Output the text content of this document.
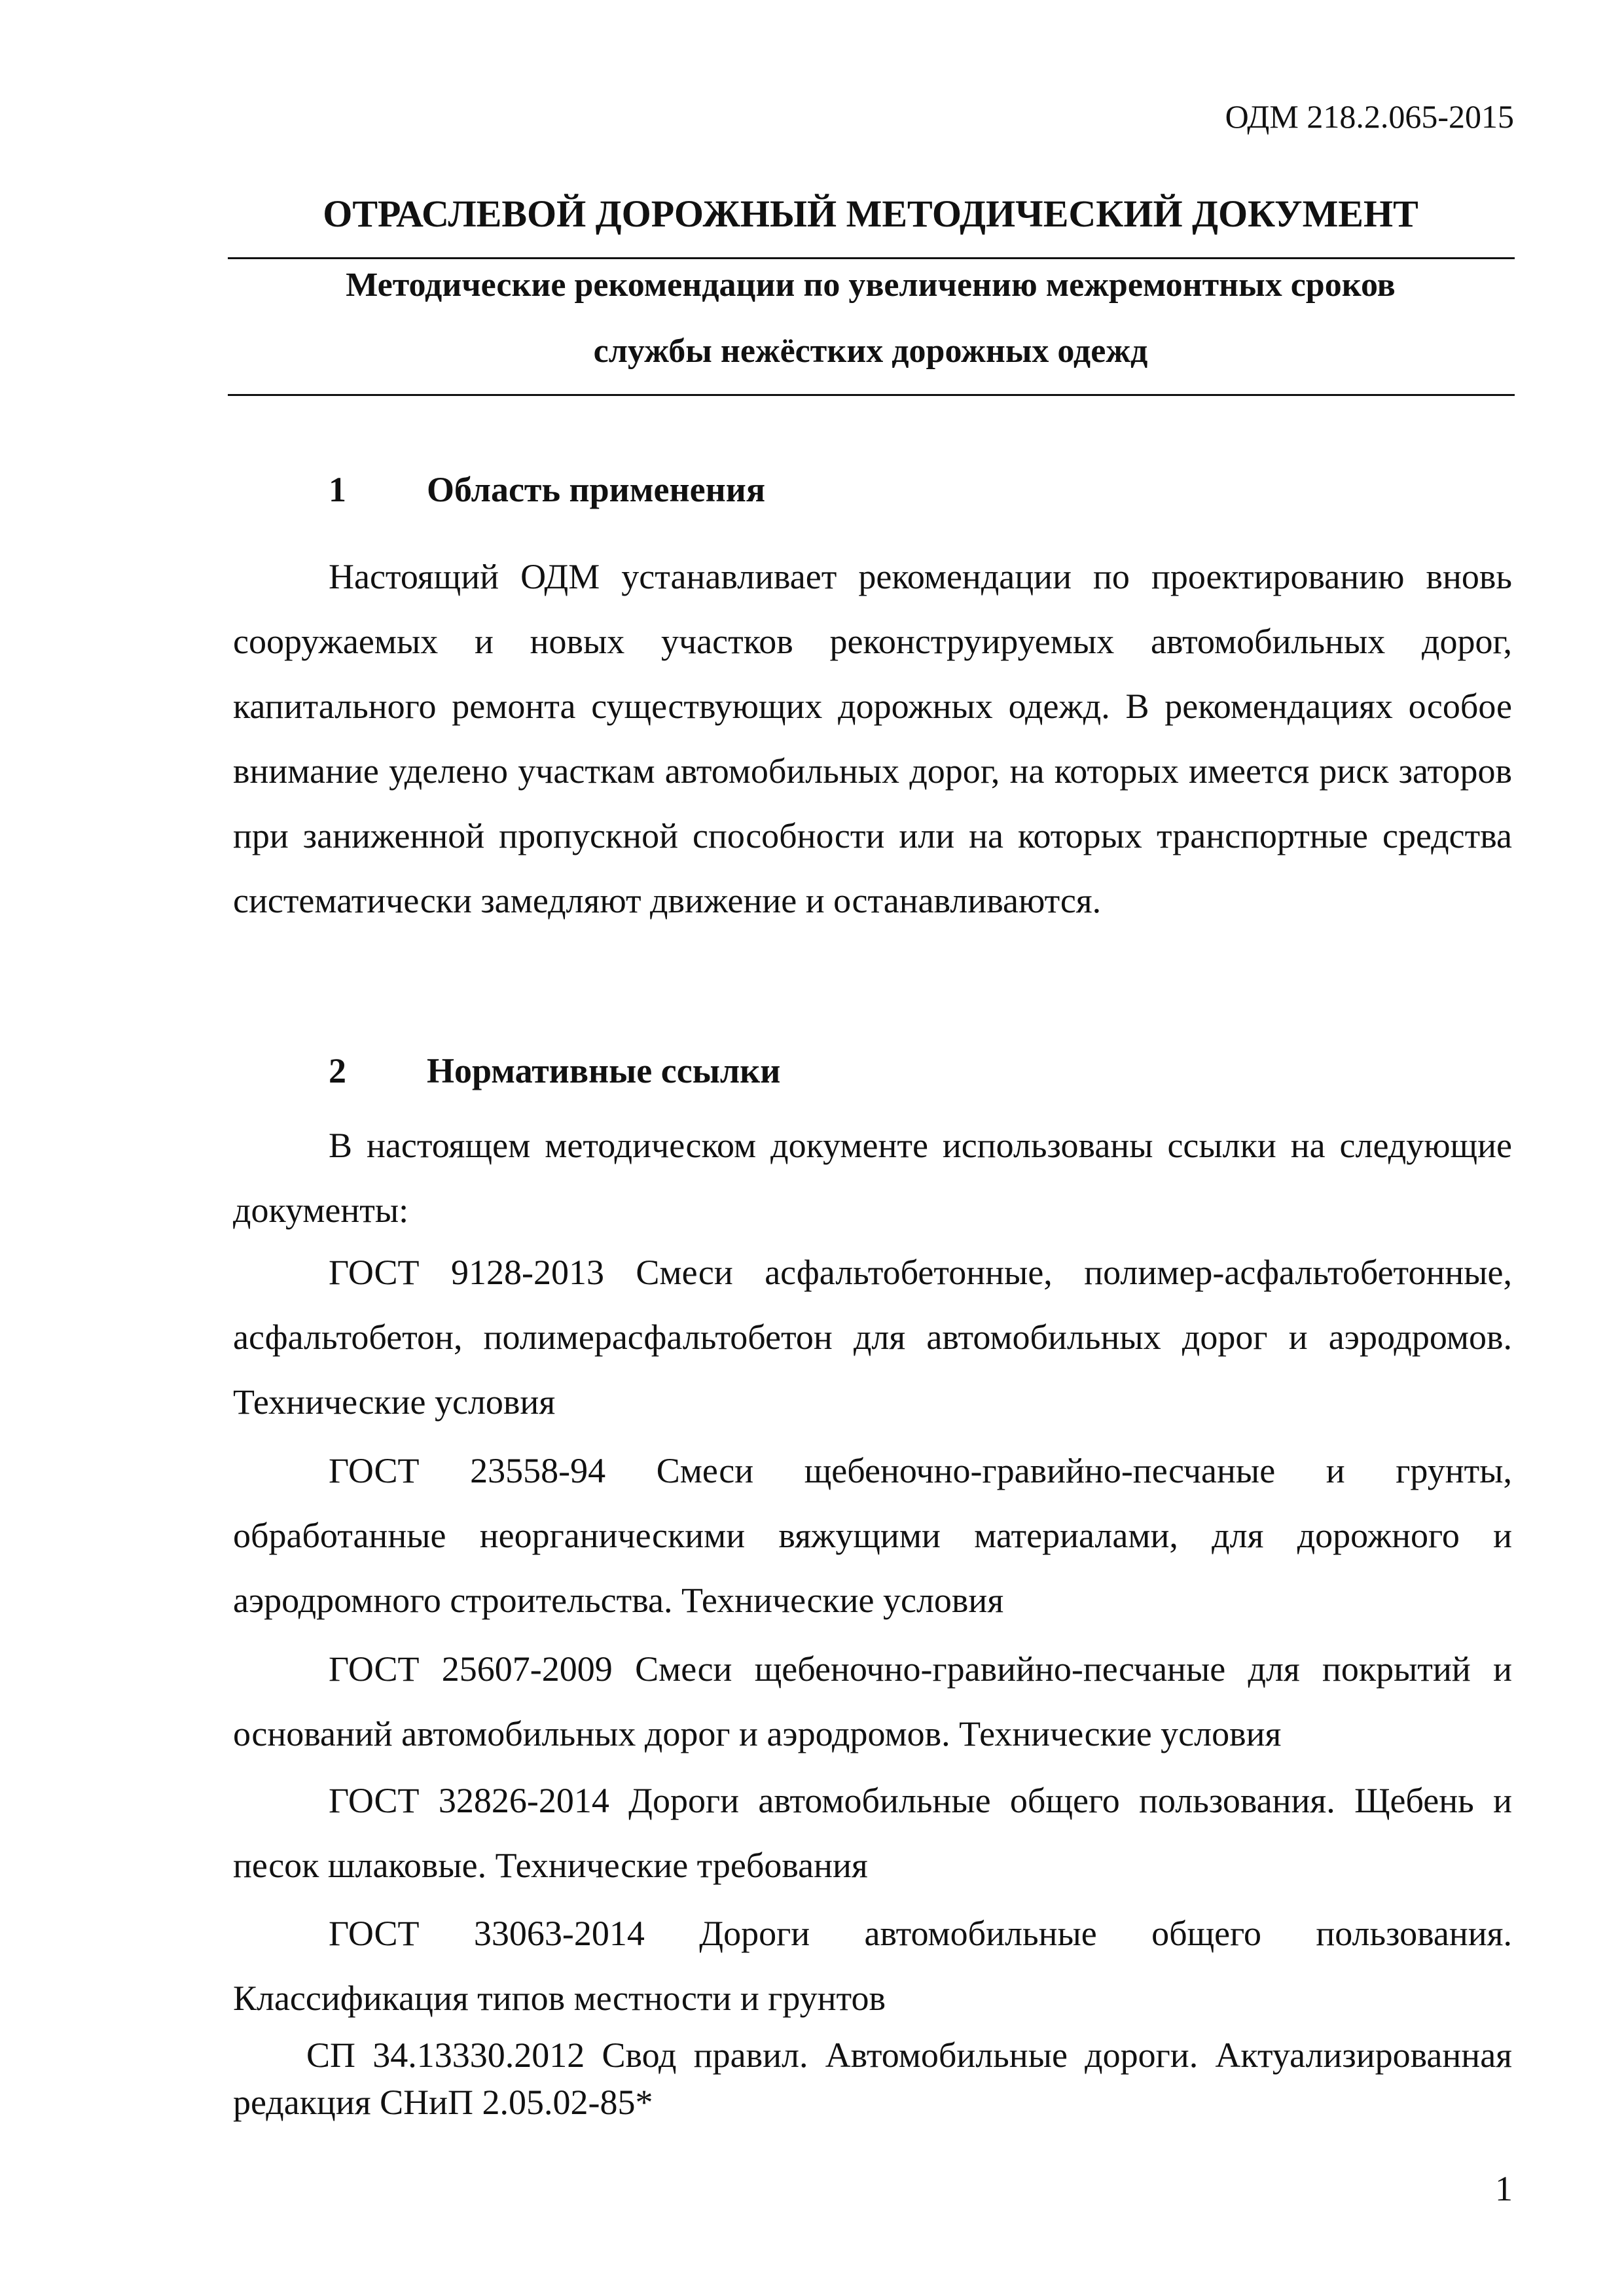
ОДМ 218.2.065-2015
ОТРАСЛЕВОЙ ДОРОЖНЫЙ МЕТОДИЧЕСКИЙ ДОКУМЕНТ
Методические рекомендации по увеличению межремонтных сроков
службы нежёстких дорожных одежд
1 Область применения

Настоящий ОДМ устанавливает рекомендации по проектированию вновь сооружаемых и новых участков реконструируемых автомобильных дорог, капитального ремонта существующих дорожных одежд. В рекомендациях особое внимание уделено участкам автомобильных дорог, на которых имеется риск заторов при заниженной пропускной способности или на которых транспортные средства систематически замедляют движение и останавливаются.

2 Нормативные ссылки

В настоящем методическом документе использованы ссылки на следующие документы:

ГОСТ 9128-2013 Смеси асфальтобетонные, полимер-асфальтобетонные, асфальтобетон, полимерасфальтобетон для автомобильных дорог и аэродромов. Технические условия

ГОСТ 23558-94 Смеси щебеночно-гравийно-песчаные и грунты, обработанные неорганическими вяжущими материалами, для дорожного и аэродромного строительства. Технические условия

ГОСТ 25607-2009 Смеси щебеночно-гравийно-песчаные для покрытий и оснований автомобильных дорог и аэродромов. Технические условия

ГОСТ 32826-2014 Дороги автомобильные общего пользования. Щебень и песок шлаковые. Технические требования

ГОСТ 33063-2014 Дороги автомобильные общего пользования. Классификация типов местности и грунтов

СП 34.13330.2012 Свод правил. Автомобильные дороги. Актуализированная редакция СНиП 2.05.02-85*

1
